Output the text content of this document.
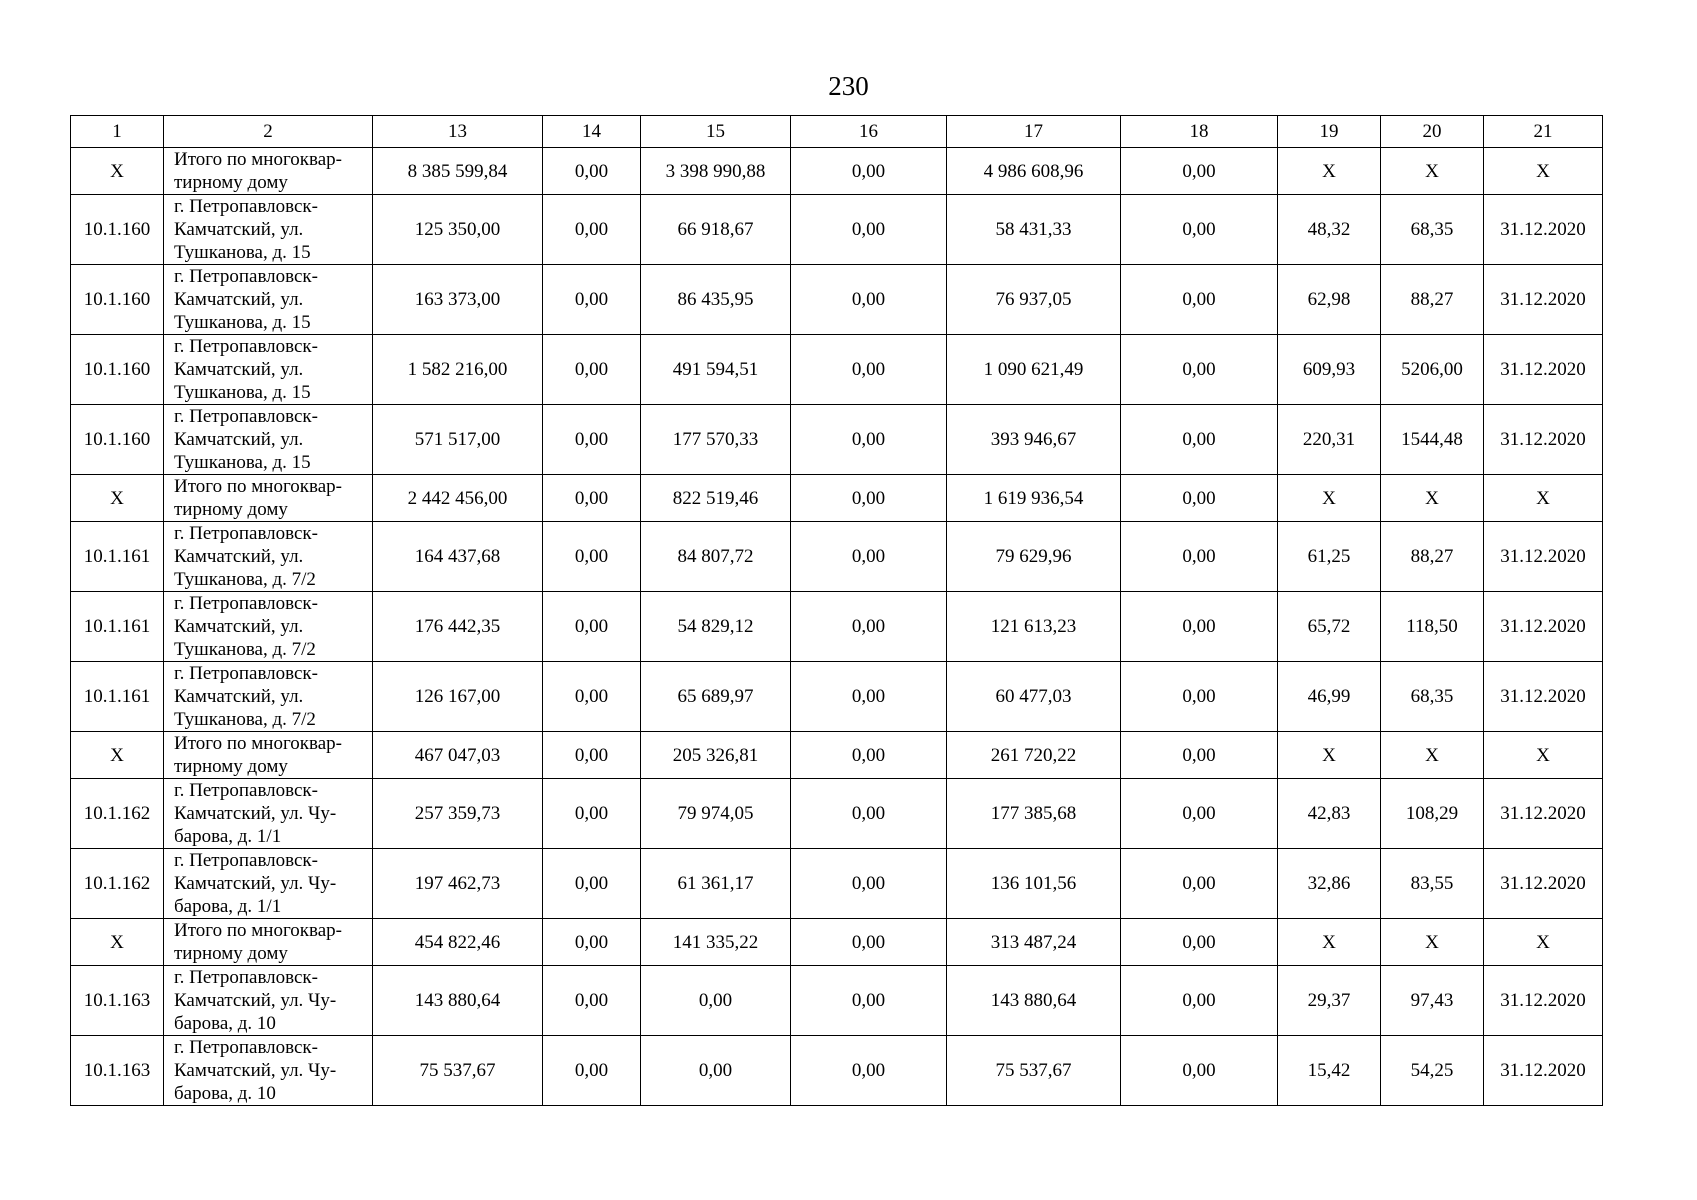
230
1	2	13	14	15	16	17	18	19	20	21
X	Итого по многоквар-
тирному дому	8 385 599,84	0,00	3 398 990,88	0,00	4 986 608,96	0,00	X	X	X
10.1.160	г. Петропавловск-
Камчатский, ул.
Тушканова, д. 15	125 350,00	0,00	66 918,67	0,00	58 431,33	0,00	48,32	68,35	31.12.2020
10.1.160	г. Петропавловск-
Камчатский, ул.
Тушканова, д. 15	163 373,00	0,00	86 435,95	0,00	76 937,05	0,00	62,98	88,27	31.12.2020
10.1.160	г. Петропавловск-
Камчатский, ул.
Тушканова, д. 15	1 582 216,00	0,00	491 594,51	0,00	1 090 621,49	0,00	609,93	5206,00	31.12.2020
10.1.160	г. Петропавловск-
Камчатский, ул.
Тушканова, д. 15	571 517,00	0,00	177 570,33	0,00	393 946,67	0,00	220,31	1544,48	31.12.2020
X	Итого по многоквар-
тирному дому	2 442 456,00	0,00	822 519,46	0,00	1 619 936,54	0,00	X	X	X
10.1.161	г. Петропавловск-
Камчатский, ул.
Тушканова, д. 7/2	164 437,68	0,00	84 807,72	0,00	79 629,96	0,00	61,25	88,27	31.12.2020
10.1.161	г. Петропавловск-
Камчатский, ул.
Тушканова, д. 7/2	176 442,35	0,00	54 829,12	0,00	121 613,23	0,00	65,72	118,50	31.12.2020
10.1.161	г. Петропавловск-
Камчатский, ул.
Тушканова, д. 7/2	126 167,00	0,00	65 689,97	0,00	60 477,03	0,00	46,99	68,35	31.12.2020
X	Итого по многоквар-
тирному дому	467 047,03	0,00	205 326,81	0,00	261 720,22	0,00	X	X	X
10.1.162	г. Петропавловск-
Камчатский, ул. Чу-
барова, д. 1/1	257 359,73	0,00	79 974,05	0,00	177 385,68	0,00	42,83	108,29	31.12.2020
10.1.162	г. Петропавловск-
Камчатский, ул. Чу-
барова, д. 1/1	197 462,73	0,00	61 361,17	0,00	136 101,56	0,00	32,86	83,55	31.12.2020
X	Итого по многоквар-
тирному дому	454 822,46	0,00	141 335,22	0,00	313 487,24	0,00	X	X	X
10.1.163	г. Петропавловск-
Камчатский, ул. Чу-
барова, д. 10	143 880,64	0,00	0,00	0,00	143 880,64	0,00	29,37	97,43	31.12.2020
10.1.163	г. Петропавловск-
Камчатский, ул. Чу-
барова, д. 10	75 537,67	0,00	0,00	0,00	75 537,67	0,00	15,42	54,25	31.12.2020
